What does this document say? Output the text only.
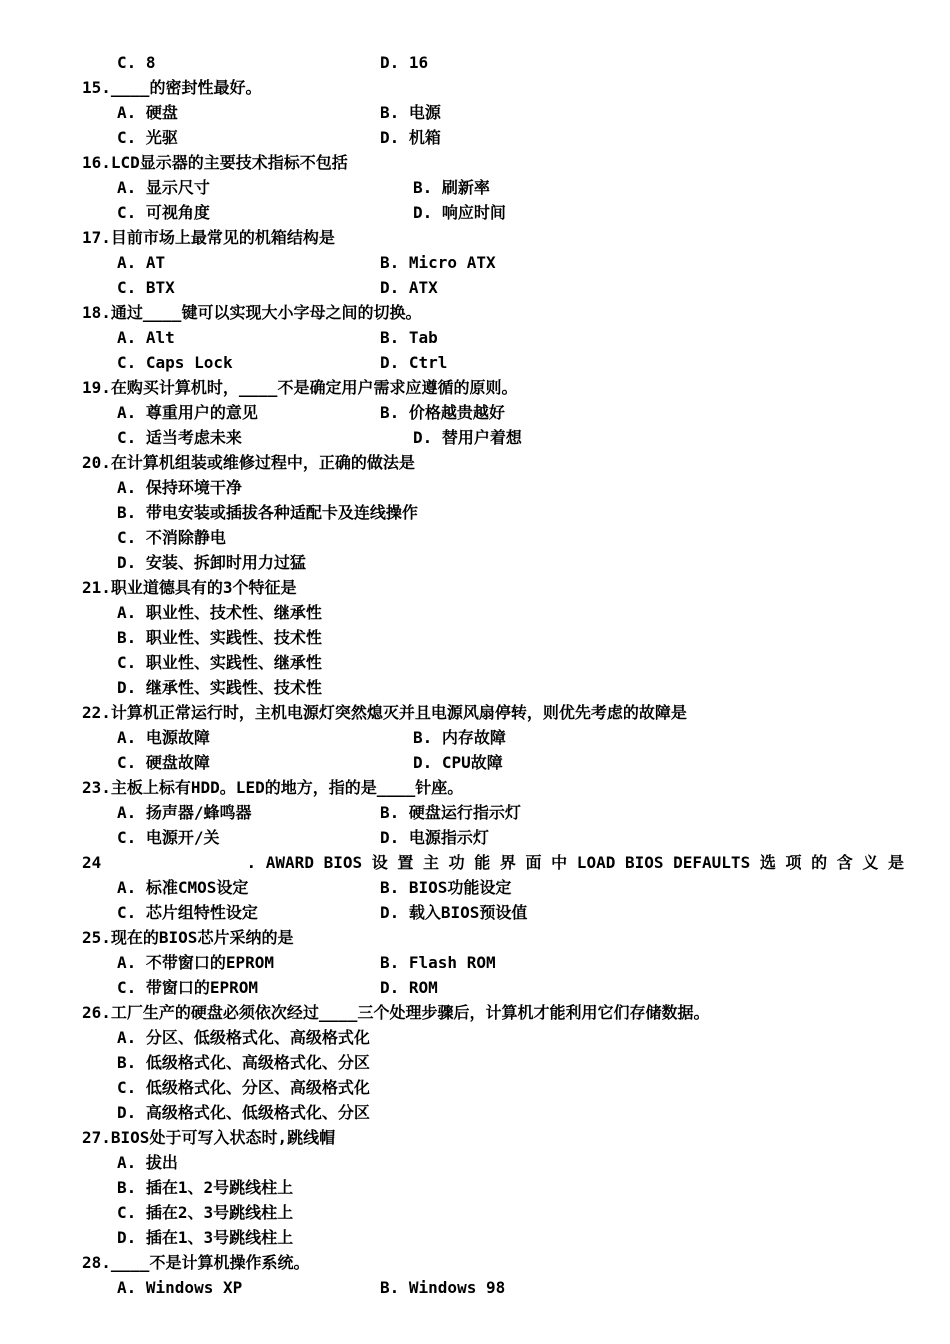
C. 8	D. 16
15.____的密封性最好。
A. 硬盘	B. 电源
C. 光驱	D. 机箱
16.LCD显示器的主要技术指标不包括
A. 显示尺寸	B. 刷新率
C. 可视角度	D. 响应时间
17.目前市场上最常见的机箱结构是
A. AT	B. Micro ATX
C. BTX	D. ATX
18.通过____键可以实现大小字母之间的切换。
A. Alt	B. Tab
C. Caps Lock	D. Ctrl
19.在购买计算机时，____不是确定用户需求应遵循的原则。
A. 尊重用户的意见	B. 价格越贵越好
C. 适当考虑未来	D. 替用户着想
20.在计算机组装或维修过程中，正确的做法是
A. 保持环境干净
B. 带电安装或插拔各种适配卡及连线操作
C. 不消除静电
D. 安装、拆卸时用力过猛
21.职业道德具有的3个特征是
A. 职业性、技术性、继承性
B. 职业性、实践性、技术性
C. 职业性、实践性、继承性
D. 继承性、实践性、技术性
22.计算机正常运行时，主机电源灯突然熄灭并且电源风扇停转，则优先考虑的故障是
A. 电源故障	B. 内存故障
C. 硬盘故障	D. CPU故障
23.主板上标有HDD。LED的地方，指的是____针座。
A. 扬声器/蜂鸣器	B. 硬盘运行指示灯
C. 电源开/关	D. 电源指示灯
24	. AWARD BIOS 设 置 主 功 能 界 面 中 LOAD BIOS DEFAULTS 选 项 的 含 义 是
A. 标准CMOS设定	B. BIOS功能设定
C. 芯片组特性设定	D. 载入BIOS预设值
25.现在的BIOS芯片采纳的是
A. 不带窗口的EPROM	B. Flash ROM
C. 带窗口的EPROM	D. ROM
26.工厂生产的硬盘必须依次经过____三个处理步骤后，计算机才能利用它们存储数据。
A. 分区、低级格式化、高级格式化
B. 低级格式化、高级格式化、分区
C. 低级格式化、分区、高级格式化
D. 高级格式化、低级格式化、分区
27.BIOS处于可写入状态时,跳线帽
A. 拔出
B. 插在1、2号跳线柱上
C. 插在2、3号跳线柱上
D. 插在1、3号跳线柱上
28.____不是计算机操作系统。
A. Windows XP	B. Windows 98
